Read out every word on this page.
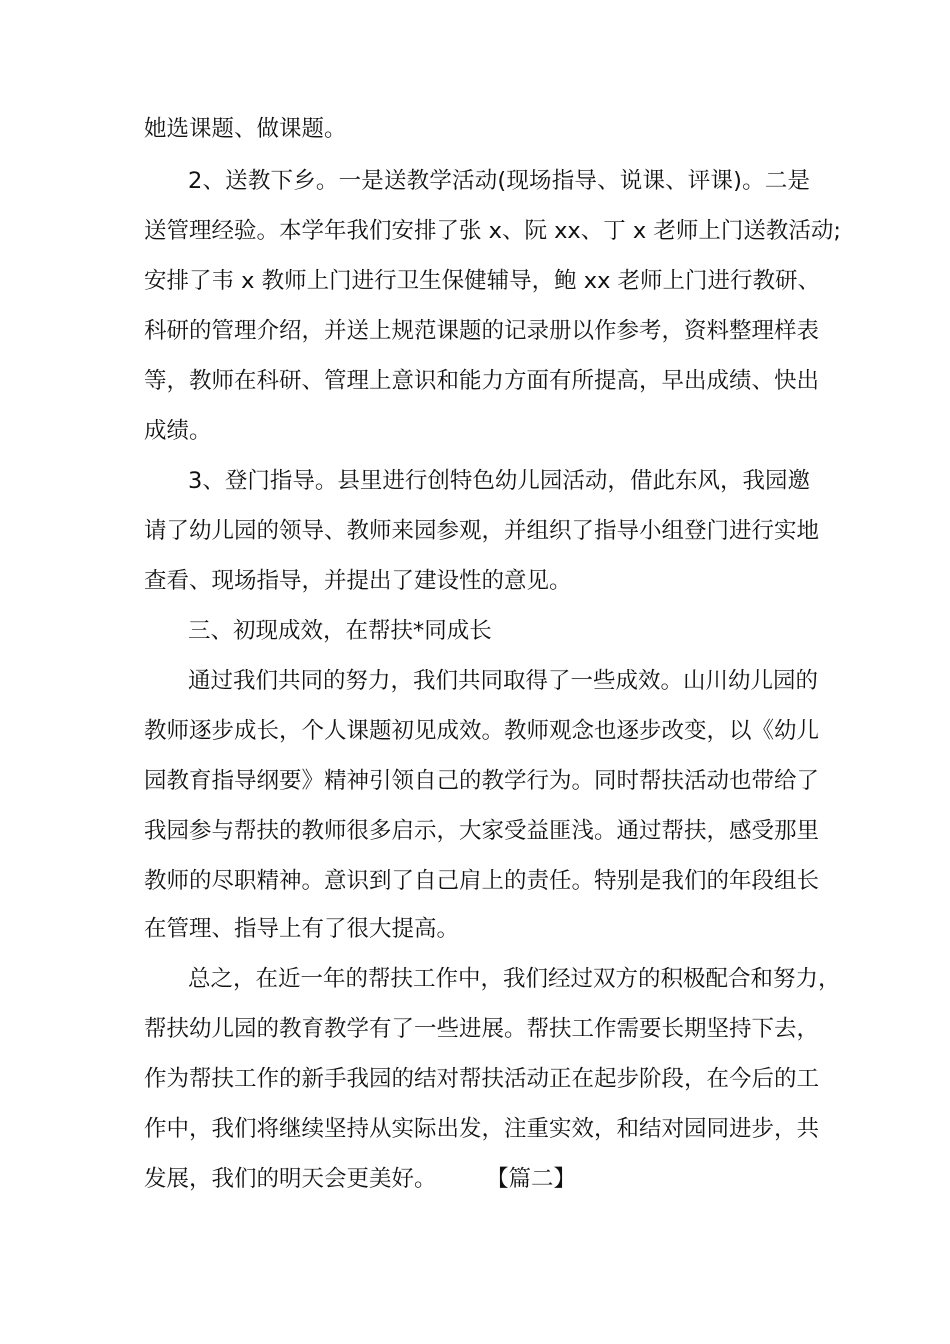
她选课题、做课题。
2、送教下乡。一是送教学活动(现场指导、说课、评课)。二是
送管理经验。本学年我们安排了张 x、阮 xx、丁 x 老师上门送教活动;
安排了韦 x 教师上门进行卫生保健辅导，鲍 xx 老师上门进行教研、
科研的管理介绍，并送上规范课题的记录册以作参考，资料整理样表
等，教师在科研、管理上意识和能力方面有所提高，早出成绩、快出
成绩。
3、登门指导。县里进行创特色幼儿园活动，借此东风，我园邀
请了幼儿园的领导、教师来园参观，并组织了指导小组登门进行实地
查看、现场指导，并提出了建设性的意见。
三、初现成效，在帮扶*同成长
通过我们共同的努力，我们共同取得了一些成效。山川幼儿园的
教师逐步成长，个人课题初见成效。教师观念也逐步改变，以《幼儿
园教育指导纲要》精神引领自己的教学行为。同时帮扶活动也带给了
我园参与帮扶的教师很多启示，大家受益匪浅。通过帮扶，感受那里
教师的尽职精神。意识到了自己肩上的责任。特别是我们的年段组长
在管理、指导上有了很大提高。
总之，在近一年的帮扶工作中，我们经过双方的积极配合和努力，
帮扶幼儿园的教育教学有了一些进展。帮扶工作需要长期坚持下去，
作为帮扶工作的新手我园的结对帮扶活动正在起步阶段，在今后的工
作中，我们将继续坚持从实际出发，注重实效，和结对园同进步，共
发展，我们的明天会更美好。	【篇二】
